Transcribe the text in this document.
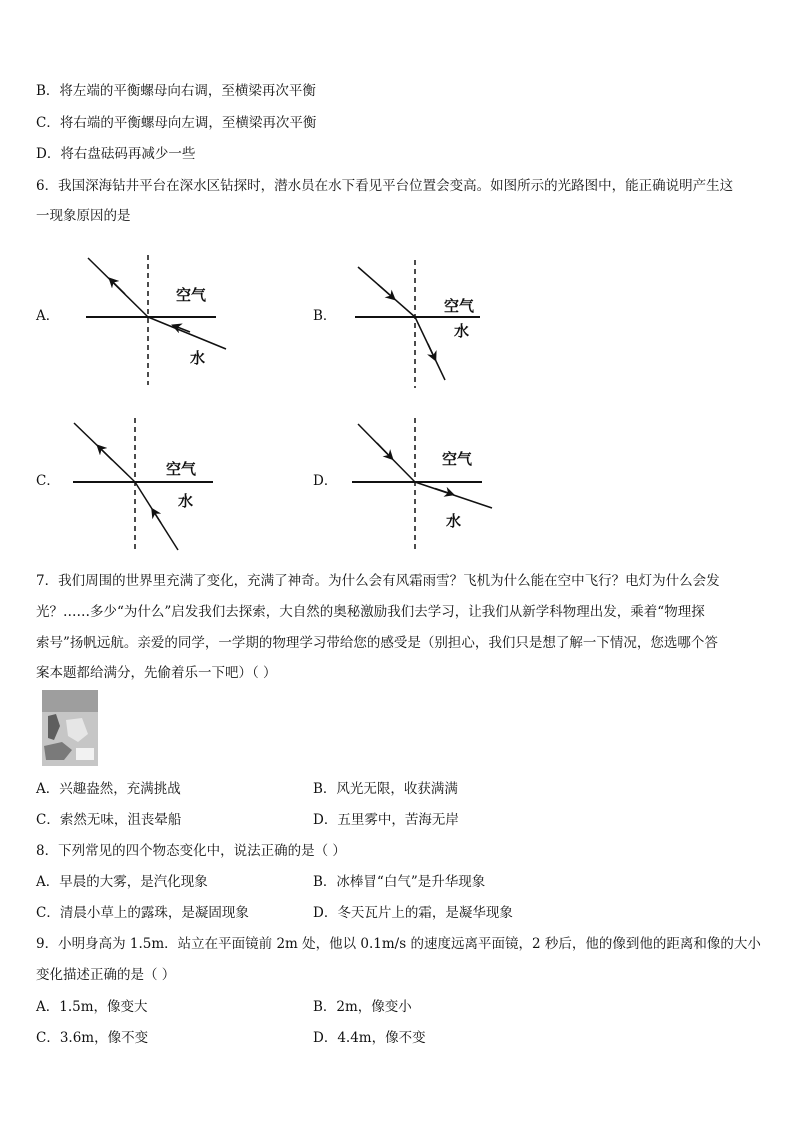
B．将左端的平衡螺母向右调，至横梁再次平衡
C．将右端的平衡螺母向左调，至横梁再次平衡
D．将右盘砝码再减少一些
6．我国深海钻井平台在深水区钻探时，潜水员在水下看见平台位置会变高。如图所示的光路图中，能正确说明产生这
一现象原因的是
A．
空气
水
B．
空气
水
C．
空气
水
D．
空气
水
7．我们周围的世界里充满了变化，充满了神奇。为什么会有风霜雨雪？飞机为什么能在空中飞行？电灯为什么会发
光？……多少“为什么”启发我们去探索，大自然的奥秘激励我们去学习，让我们从新学科物理出发，乘着“物理探
索号”扬帆远航。亲爱的同学，一学期的物理学习带给您的感受是（别担心，我们只是想了解一下情况，您选哪个答
案本题都给满分，先偷着乐一下吧）（ ）
A．兴趣盎然，充满挑战	B．风光无限，收获满满
C．索然无味，沮丧晕船	D．五里雾中，苦海无岸
8．下列常见的四个物态变化中，说法正确的是（ ）
A．早晨的大雾，是汽化现象	B．冰棒冒“白气”是升华现象
C．清晨小草上的露珠，是凝固现象	D．冬天瓦片上的霜，是凝华现象
9．小明身高为 1.5m．站立在平面镜前 2m 处，他以 0.1m/s 的速度远离平面镜，2 秒后，他的像到他的距离和像的大小
变化描述正确的是（ ）
A．1.5m，像变大	B．2m，像变小
C．3.6m，像不变	D．4.4m，像不变
